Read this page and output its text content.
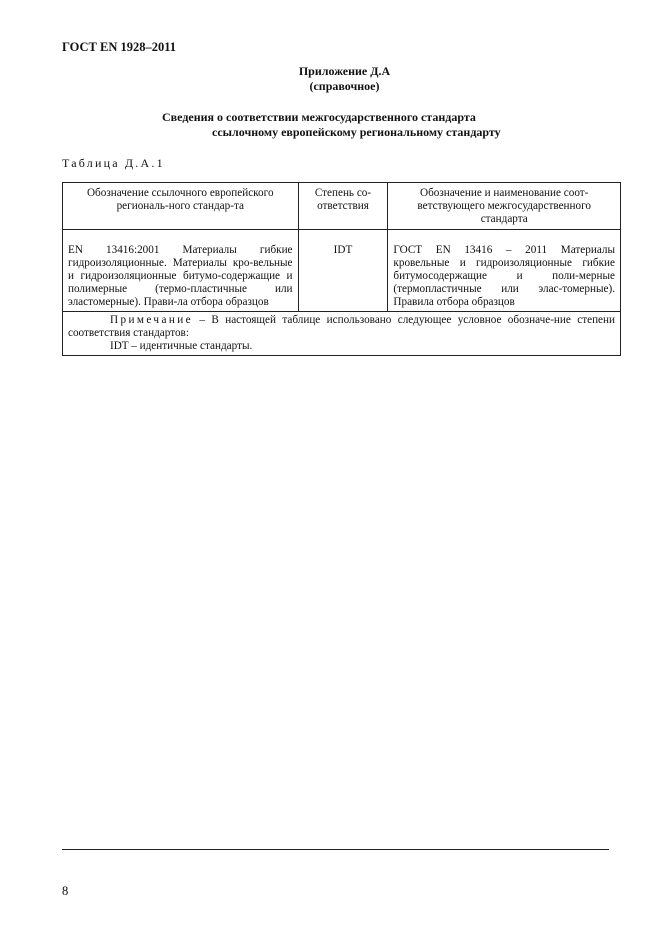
ГОСТ EN 1928–2011
Приложение Д.А
(справочное)
Сведения о соответствии межгосударственного стандарта
ссылочному европейскому региональному стандарту
Таблица Д.А.1
Обозначение ссылочного европейского региональ-ного стандар-та	Степень со-ответствия	Обозначение и наименование соот-ветствующего межгосударственного стандарта
EN 13416:2001 Материалы гибкие гидроизоляционные. Материалы кро-вельные и гидроизоляционные битумо-содержащие и полимерные (термо-пластичные или эластомерные). Прави-ла отбора образцов	IDT	ГОСТ EN 13416 – 2011 Материалы кровельные и гидроизоляционные гибкие битумосодержащие и поли-мерные (термопластичные или элас-томерные). Правила отбора образцов

Примечание – В настоящей таблице использовано следующее условное обозначе-ние степени соответствия стандартов:
IDT – идентичные стандарты.		
8
